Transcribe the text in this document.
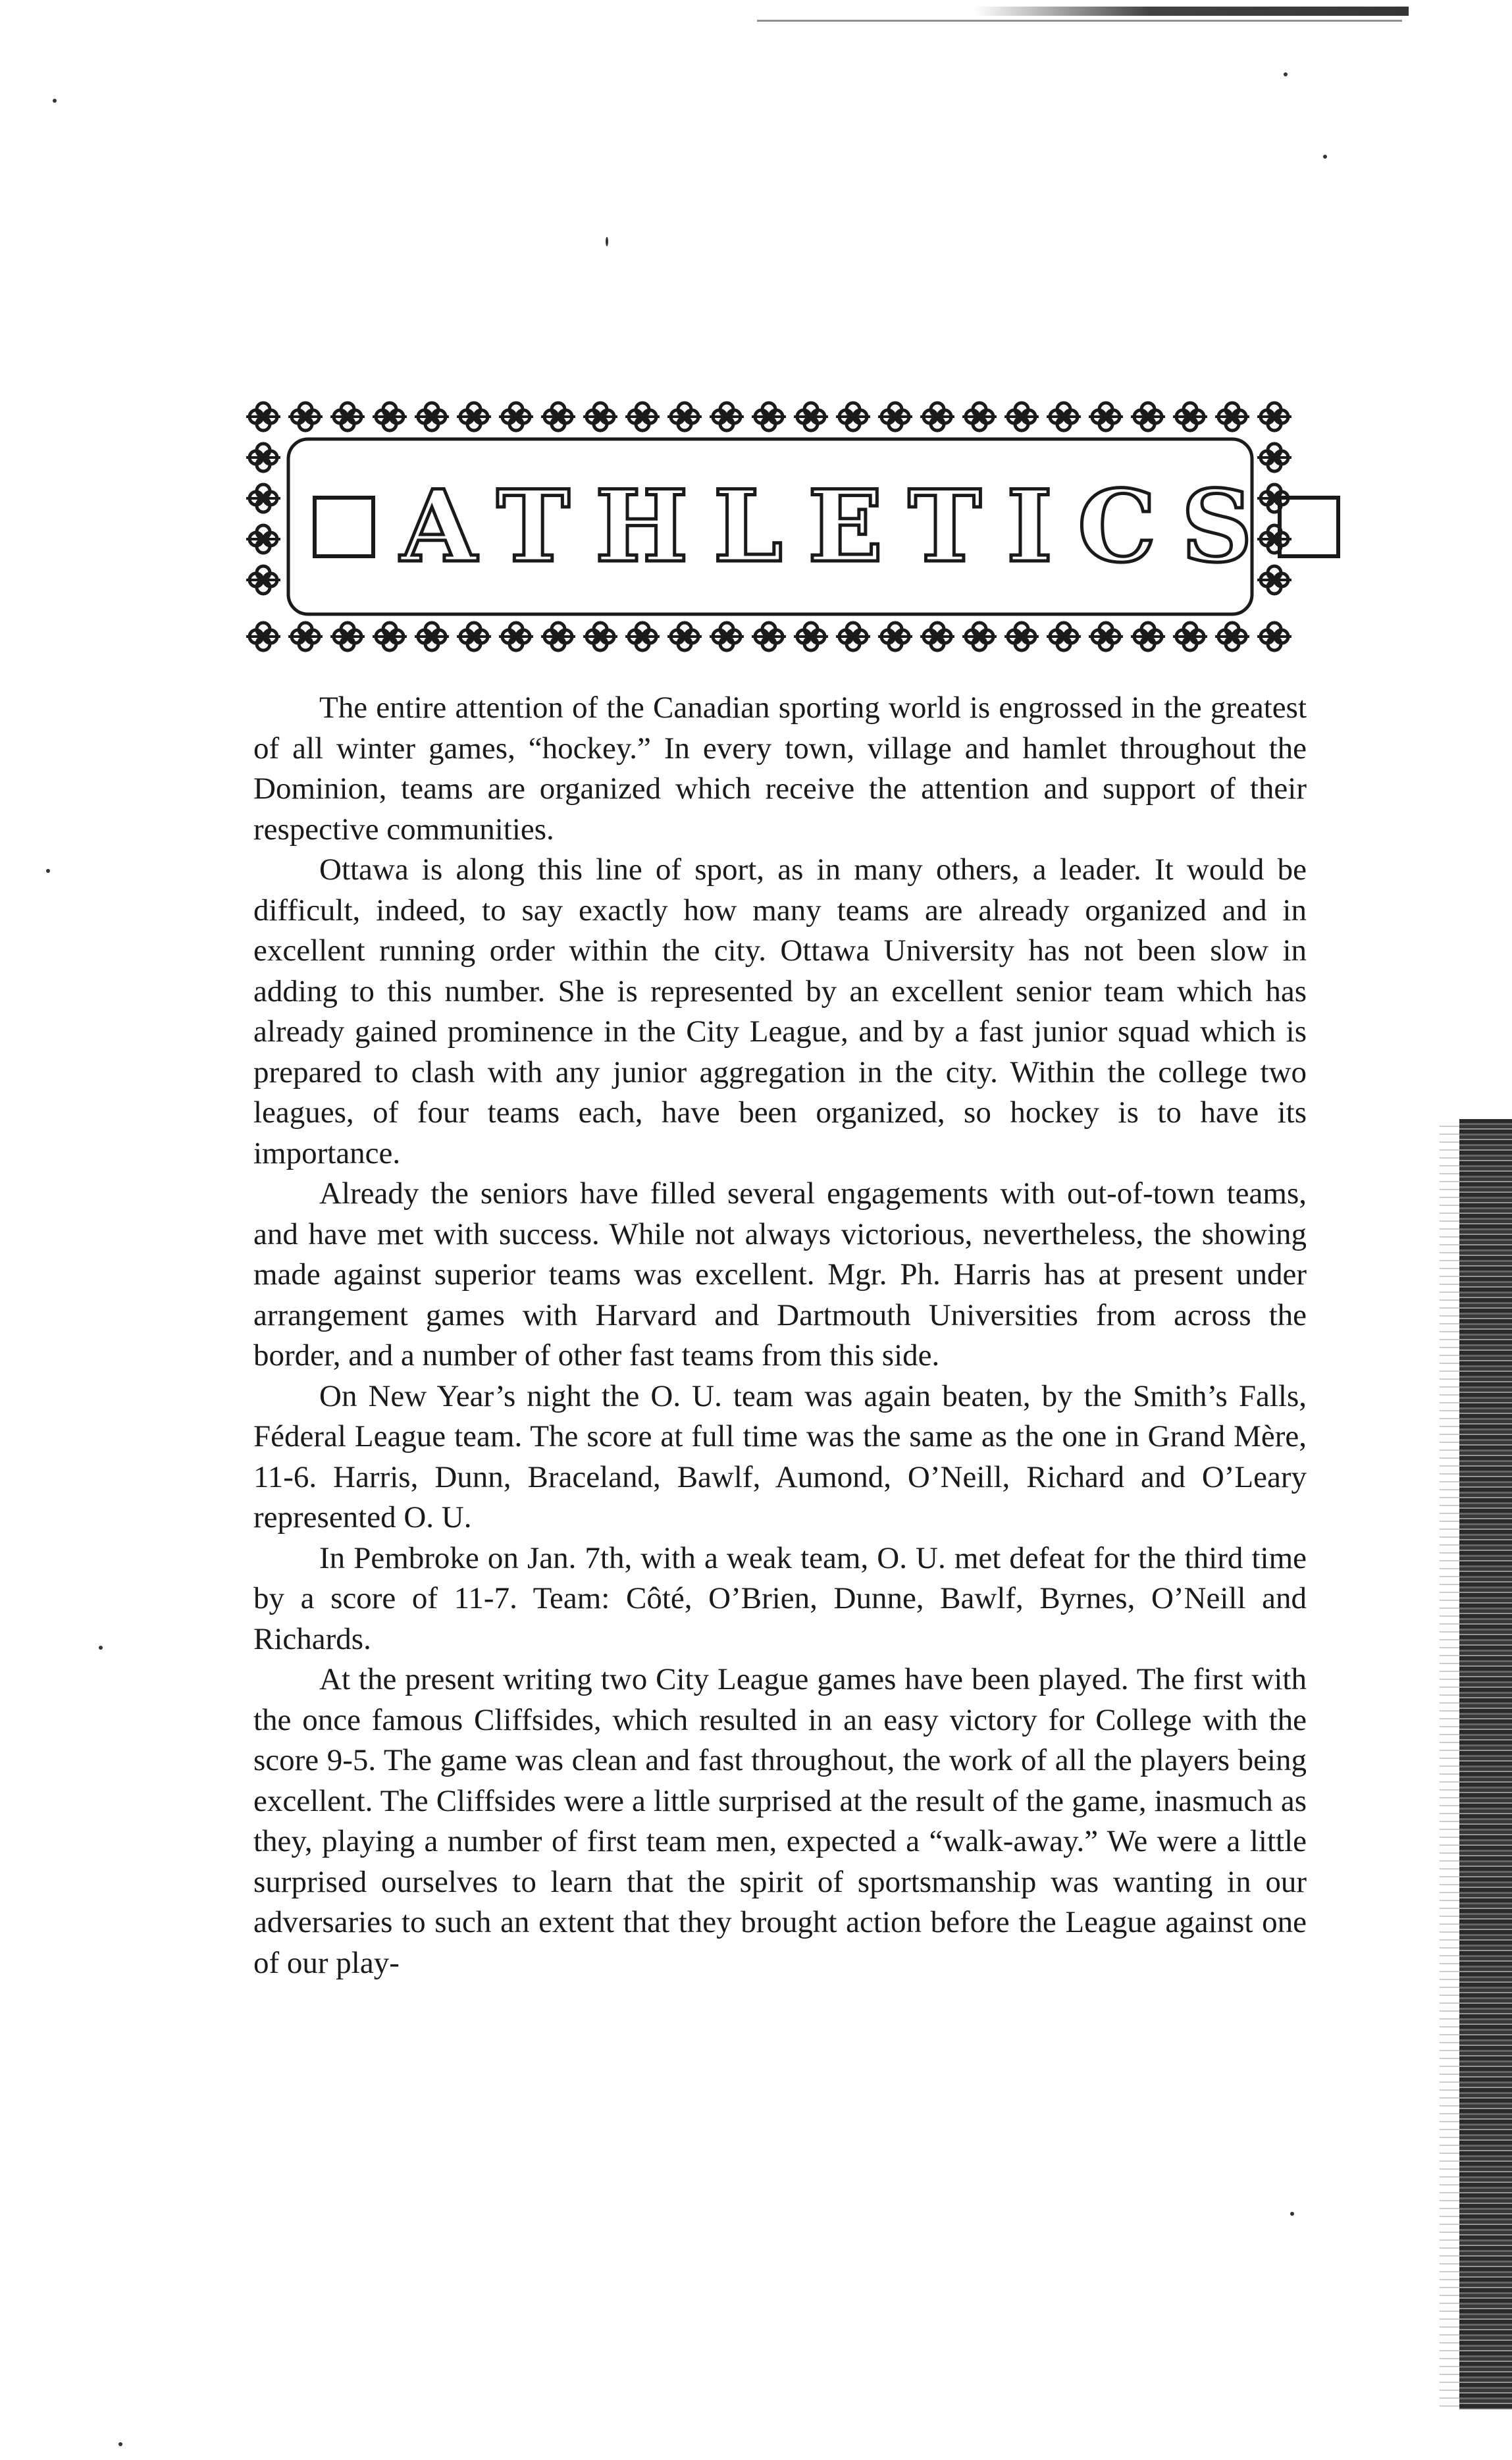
ATHLETICS

The entire attention of the Canadian sporting world is engrossed in the greatest of all winter games, “hockey.” In every town, village and hamlet throughout the Dominion, teams are organized which receive the attention and support of their respective communities.

Ottawa is along this line of sport, as in many others, a leader. It would be difficult, indeed, to say exactly how many teams are already organized and in excellent running order within the city. Ottawa University has not been slow in adding to this number. She is represented by an excellent senior team which has already gained prominence in the City League, and by a fast junior squad which is prepared to clash with any junior aggregation in the city. Within the college two leagues, of four teams each, have been organized, so hockey is to have its importance.

Already the seniors have filled several engagements with out-of-town teams, and have met with success. While not always victorious, nevertheless, the showing made against superior teams was excellent. Mgr. Ph. Harris has at present under arrangement games with Harvard and Dartmouth Universities from across the border, and a number of other fast teams from this side.

On New Year’s night the O. U. team was again beaten, by the Smith’s Falls, Féderal League team. The score at full time was the same as the one in Grand Mère, 11-6. Harris, Dunn, Braceland, Bawlf, Aumond, O’Neill, Richard and O’Leary represented O. U.

In Pembroke on Jan. 7th, with a weak team, O. U. met defeat for the third time by a score of 11-7. Team: Côté, O’Brien, Dunne, Bawlf, Byrnes, O’Neill and Richards.

At the present writing two City League games have been played. The first with the once famous Cliffsides, which resulted in an easy victory for College with the score 9-5. The game was clean and fast throughout, the work of all the players being excellent. The Cliffsides were a little surprised at the result of the game, inasmuch as they, playing a number of first team men, expected a “walk-away.” We were a little surprised ourselves to learn that the spirit of sportsmanship was wanting in our adversaries to such an extent that they brought action before the League against one of our play-
